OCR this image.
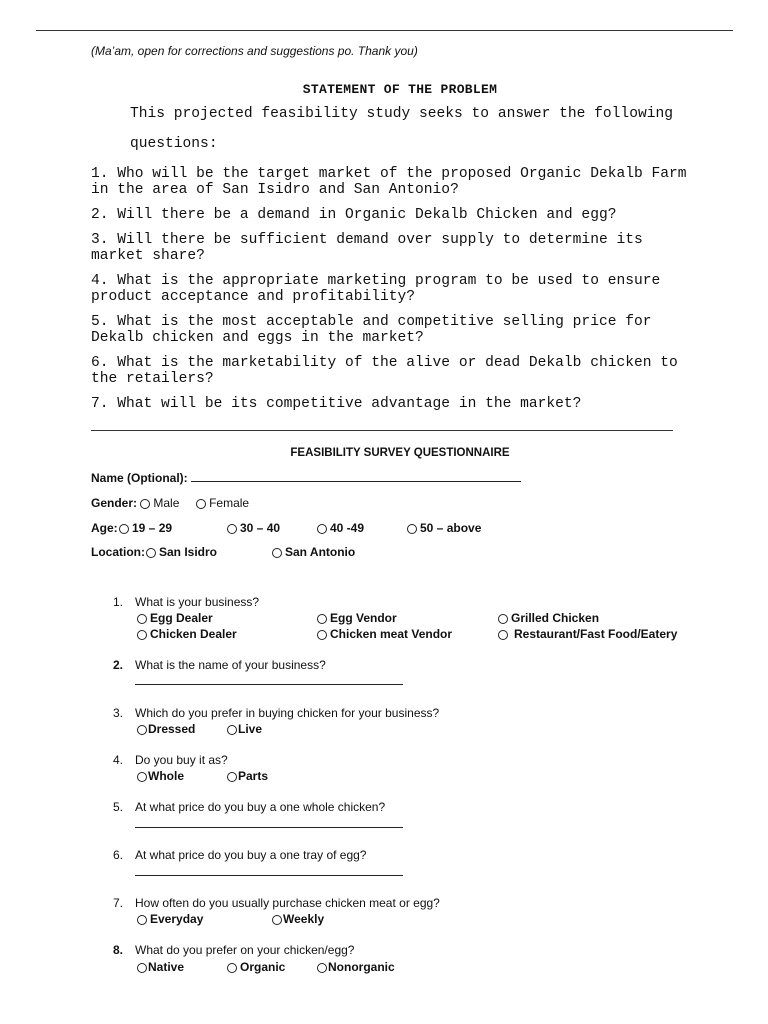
(Ma’am, open for corrections and suggestions po. Thank you)
STATEMENT OF THE PROBLEM
This projected feasibility study seeks to answer the following
questions:
1. Who will be the target market of the proposed Organic Dekalb Farm
in the area of San Isidro and San Antonio?
2. Will there be a demand in Organic Dekalb Chicken and egg?
3. Will there be sufficient demand over supply to determine its
market share?
4. What is the appropriate marketing program to be used to ensure
product acceptance and profitability?
5. What is the most acceptable and competitive selling price for
Dekalb chicken and eggs in the market?
6. What is the marketability of the alive or dead Dekalb chicken to
the retailers?
7. What will be its competitive advantage in the market?
FEASIBILITY SURVEY QUESTIONNAIRE
Name (Optional):
Gender: Male Female
Age:	19 – 29	30 – 40	40 -49	50 – above
Location:	San Isidro	San Antonio
1. What is your business?
Egg Dealer	Egg Vendor	Grilled Chicken
Chicken Dealer	Chicken meat Vendor	Restaurant/Fast Food/Eatery
2. What is the name of your business?
3. Which do you prefer in buying chicken for your business?
Dressed	Live
4. Do you buy it as?
Whole	Parts
5. At what price do you buy a one whole chicken?
6. At what price do you buy a one tray of egg?
7. How often do you usually purchase chicken meat or egg?
Everyday	Weekly
8. What do you prefer on your chicken/egg?
Native	Organic	Nonorganic
